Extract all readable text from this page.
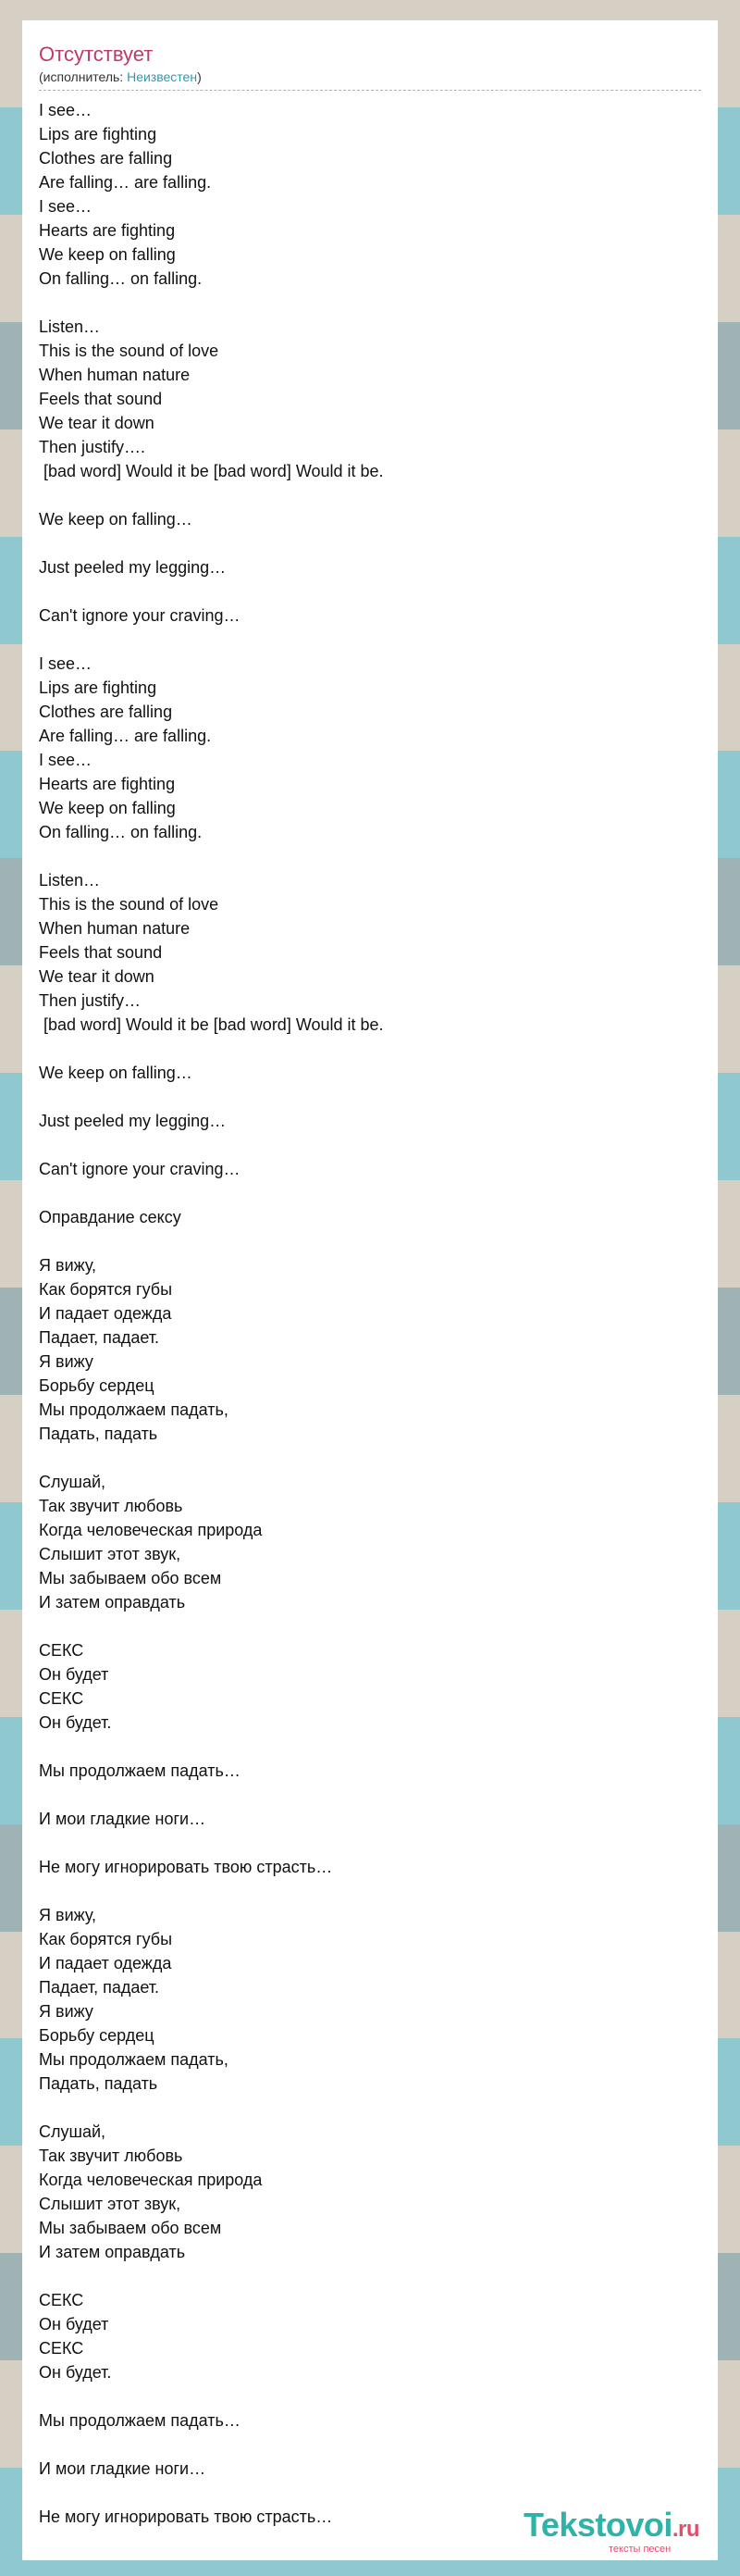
Отсутствует
(исполнитель: Неизвестен)
I see…
Lips are fighting
Clothes are falling
Are falling… are falling.
I see…
Hearts are fighting
We keep on falling
On falling… on falling.
Listen…
This is the sound of love
When human nature
Feels that sound
We tear it down
Then justify….
[bad word] Would it be [bad word] Would it be.
We keep on falling…
Just peeled my legging…
Can't ignore your craving…
I see…
Lips are fighting
Clothes are falling
Are falling… are falling.
I see…
Hearts are fighting
We keep on falling
On falling… on falling.
Listen…
This is the sound of love
When human nature
Feels that sound
We tear it down
Then justify…
[bad word] Would it be [bad word] Would it be.
We keep on falling…
Just peeled my legging…
Can't ignore your craving…
Оправдание сексу
Я вижу,
Как борятся губы
И падает одежда
Падает, падает.
Я вижу
Борьбу сердец
Мы продолжаем падать,
Падать, падать
Слушай,
Так звучит любовь
Когда человеческая природа
Слышит этот звук,
Мы забываем обо всем
И затем оправдать
СЕКС
Он будет
СЕКС
Он будет.
Мы продолжаем падать…
И мои гладкие ноги…
Не могу игнорировать твою страсть…
Я вижу,
Как борятся губы
И падает одежда
Падает, падает.
Я вижу
Борьбу сердец
Мы продолжаем падать,
Падать, падать
Слушай,
Так звучит любовь
Когда человеческая природа
Слышит этот звук,
Мы забываем обо всем
И затем оправдать
СЕКС
Он будет
СЕКС
Он будет.
Мы продолжаем падать…
И мои гладкие ноги…
Не могу игнорировать твою страсть…	Tekstovoi.ru
тексты песен
